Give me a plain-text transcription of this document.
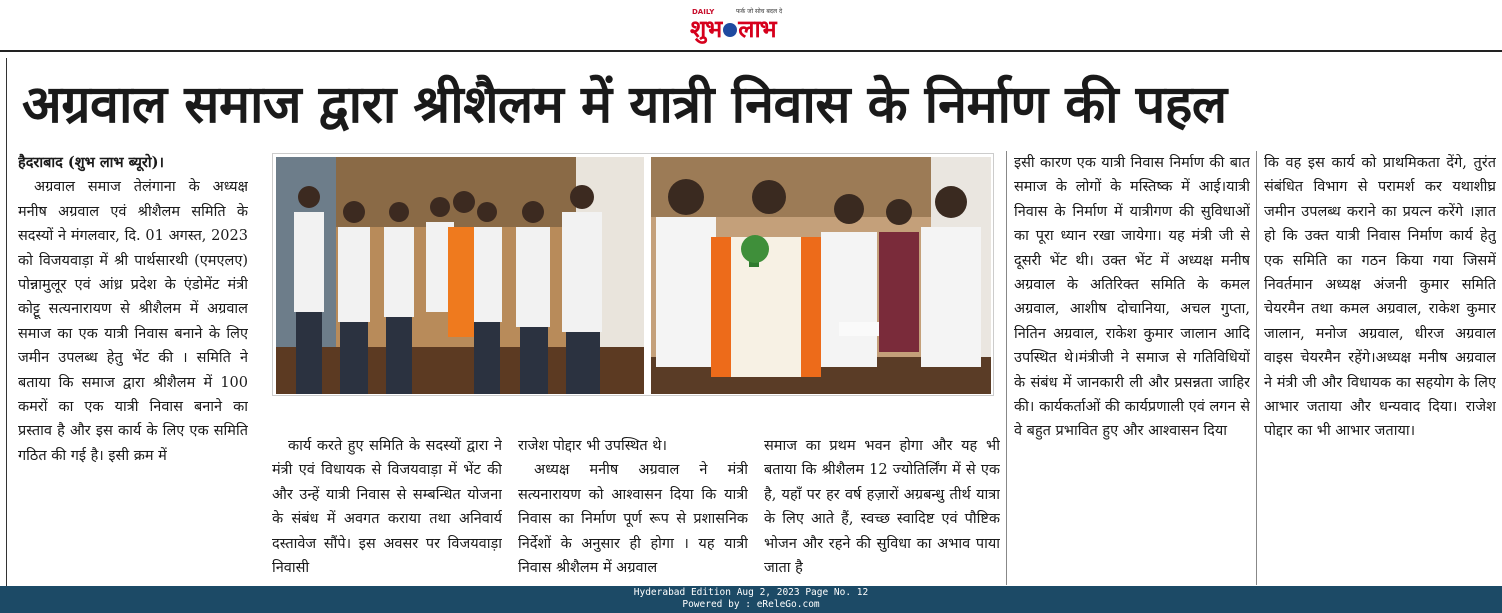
DAILY	फर्क जो सोच बदल दे
शुभ लाभ
अग्रवाल समाज द्वारा श्रीशैलम में यात्री निवास के निर्माण की पहल

हैदराबाद (शुभ लाभ ब्यूरो)।

अग्रवाल समाज तेलंगाना के अध्यक्ष मनीष अग्रवाल एवं श्रीशैलम समिति के सदस्यों ने मंगलवार, दि. 01 अगस्त, 2023 को विजयवाड़ा में श्री पार्थसारथी (एमएलए) पोन्नामुलूर एवं आंध्र प्रदेश के एंडोमेंट मंत्री कोट्टू सत्यनारायण से श्रीशैलम में अग्रवाल समाज का एक यात्री निवास बनाने के लिए जमीन उपलब्ध हेतु भेंट की । समिति ने बताया कि समाज द्वारा श्रीशैलम में 100 कमरों का एक यात्री निवास बनाने का प्रस्ताव है और इस कार्य के लिए एक समिति गठित की गई है। इसी क्रम में

कार्य करते हुए समिति के सदस्यों द्वारा ने मंत्री एवं विधायक से विजयवाड़ा में भेंट की और उन्हें यात्री निवास से सम्बन्धित योजना के संबंध में अवगत कराया तथा अनिवार्य दस्तावेज सौंपे। इस अवसर पर विजयवाड़ा निवासी

राजेश पोद्दार भी उपस्थित थे।

अध्यक्ष मनीष अग्रवाल ने मंत्री सत्यनारायण को आश्वासन दिया कि यात्री निवास का निर्माण पूर्ण रूप से प्रशासनिक निर्देशों के अनुसार ही होगा । यह यात्री निवास श्रीशैलम में अग्रवाल

समाज का प्रथम भवन होगा और यह भी बताया कि श्रीशैलम 12 ज्योतिर्लिंग में से एक है, यहाँ पर हर वर्ष हज़ारों अग्रबन्धु तीर्थ यात्रा के लिए आते हैं, स्वच्छ स्वादिष्ट एवं पौष्टिक भोजन और रहने की सुविधा का अभाव पाया जाता है

इसी कारण एक यात्री निवास निर्माण की बात समाज के लोगों के मस्तिष्क में आई।यात्री निवास के निर्माण में यात्रीगण की सुविधाओं का पूरा ध्यान रखा जायेगा। यह मंत्री जी से दूसरी भेंट थी। उक्त भेंट में अध्यक्ष मनीष अग्रवाल के अतिरिक्त समिति के कमल अग्रवाल, आशीष दोचानिया, अचल गुप्ता, नितिन अग्रवाल, राकेश कुमार जालान आदि उपस्थित थे।मंत्रीजी ने समाज से गतिविधियों के संबंध में जानकारी ली और प्रसन्नता जाहिर की। कार्यकर्ताओं की कार्यप्रणाली एवं लगन से वे बहुत प्रभावित हुए और आश्वासन दिया

कि वह इस कार्य को प्राथमिकता देंगे, तुरंत संबंधित विभाग से परामर्श कर यथाशीघ्र जमीन उपलब्ध कराने का प्रयत्न करेंगे ।ज्ञात हो कि उक्त यात्री निवास निर्माण कार्य हेतु एक समिति का गठन किया गया जिसमें निवर्तमान अध्यक्ष अंजनी कुमार समिति चेयरमैन तथा कमल अग्रवाल, राकेश कुमार जालान, मनोज अग्रवाल, धीरज अग्रवाल वाइस चेयरमैन रहेंगे।अध्यक्ष मनीष अग्रवाल ने मंत्री जी और विधायक का सहयोग के लिए आभार जताया और धन्यवाद दिया। राजेश पोद्दार का भी आभार जताया।

Hyderabad Edition Aug 2, 2023 Page No. 12
Powered by : eReleGo.com
